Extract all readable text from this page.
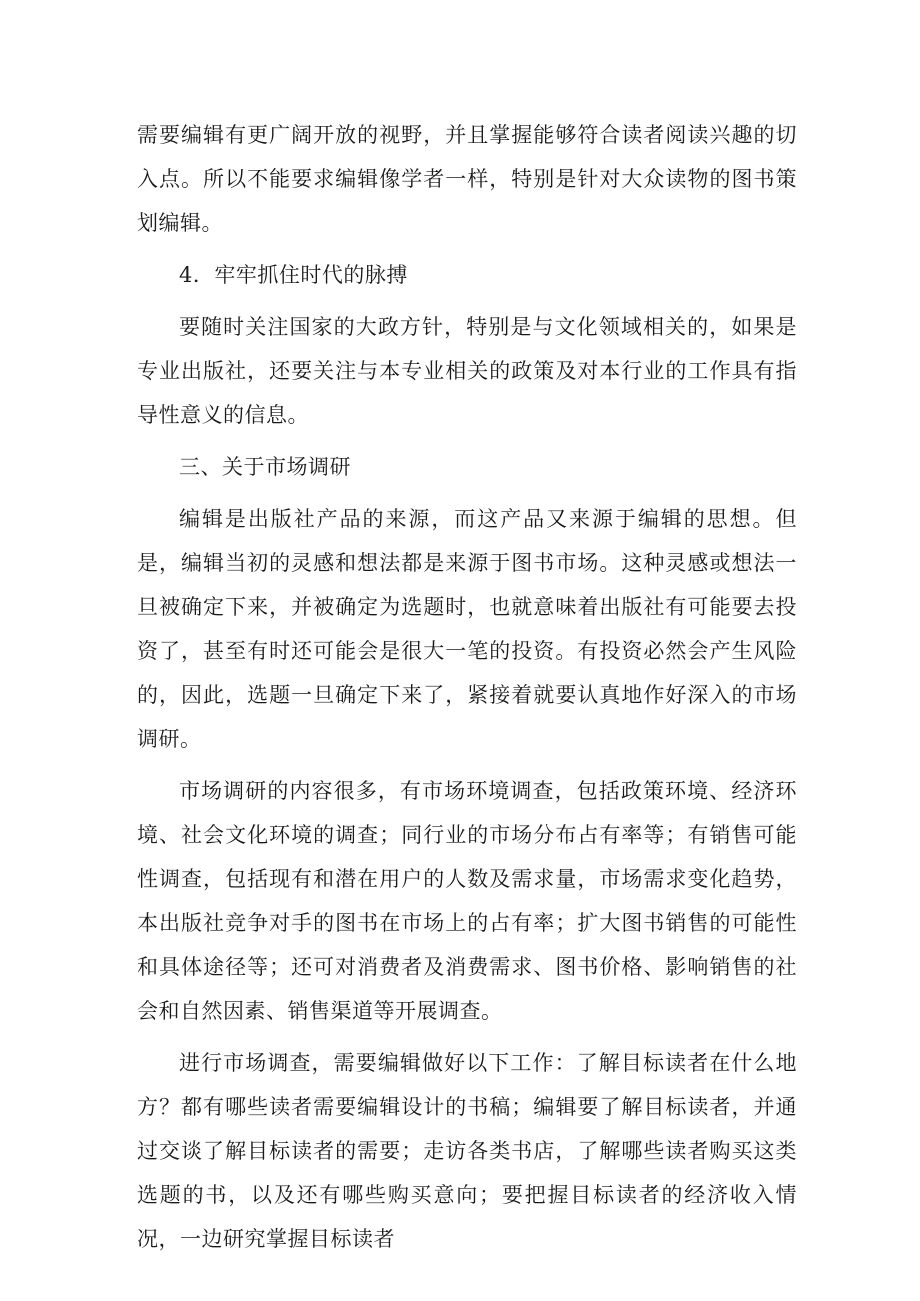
需要编辑有更广阔开放的视野，并且掌握能够符合读者阅读兴趣的切入点。所以不能要求编辑像学者一样，特别是针对大众读物的图书策划编辑。

4．牢牢抓住时代的脉搏

要随时关注国家的大政方针，特别是与文化领域相关的，如果是专业出版社，还要关注与本专业相关的政策及对本行业的工作具有指导性意义的信息。

三、关于市场调研

编辑是出版社产品的来源，而这产品又来源于编辑的思想。但是，编辑当初的灵感和想法都是来源于图书市场。这种灵感或想法一旦被确定下来，并被确定为选题时，也就意味着出版社有可能要去投资了，甚至有时还可能会是很大一笔的投资。有投资必然会产生风险的，因此，选题一旦确定下来了，紧接着就要认真地作好深入的市场调研。

市场调研的内容很多，有市场环境调查，包括政策环境、经济环境、社会文化环境的调查；同行业的市场分布占有率等；有销售可能性调查，包括现有和潜在用户的人数及需求量，市场需求变化趋势，本出版社竞争对手的图书在市场上的占有率；扩大图书销售的可能性和具体途径等；还可对消费者及消费需求、图书价格、影响销售的社会和自然因素、销售渠道等开展调查。

进行市场调查，需要编辑做好以下工作：了解目标读者在什么地方？都有哪些读者需要编辑设计的书稿；编辑要了解目标读者，并通过交谈了解目标读者的需要；走访各类书店，了解哪些读者购买这类选题的书，以及还有哪些购买意向；要把握目标读者的经济收入情况，一边研究掌握目标读者
